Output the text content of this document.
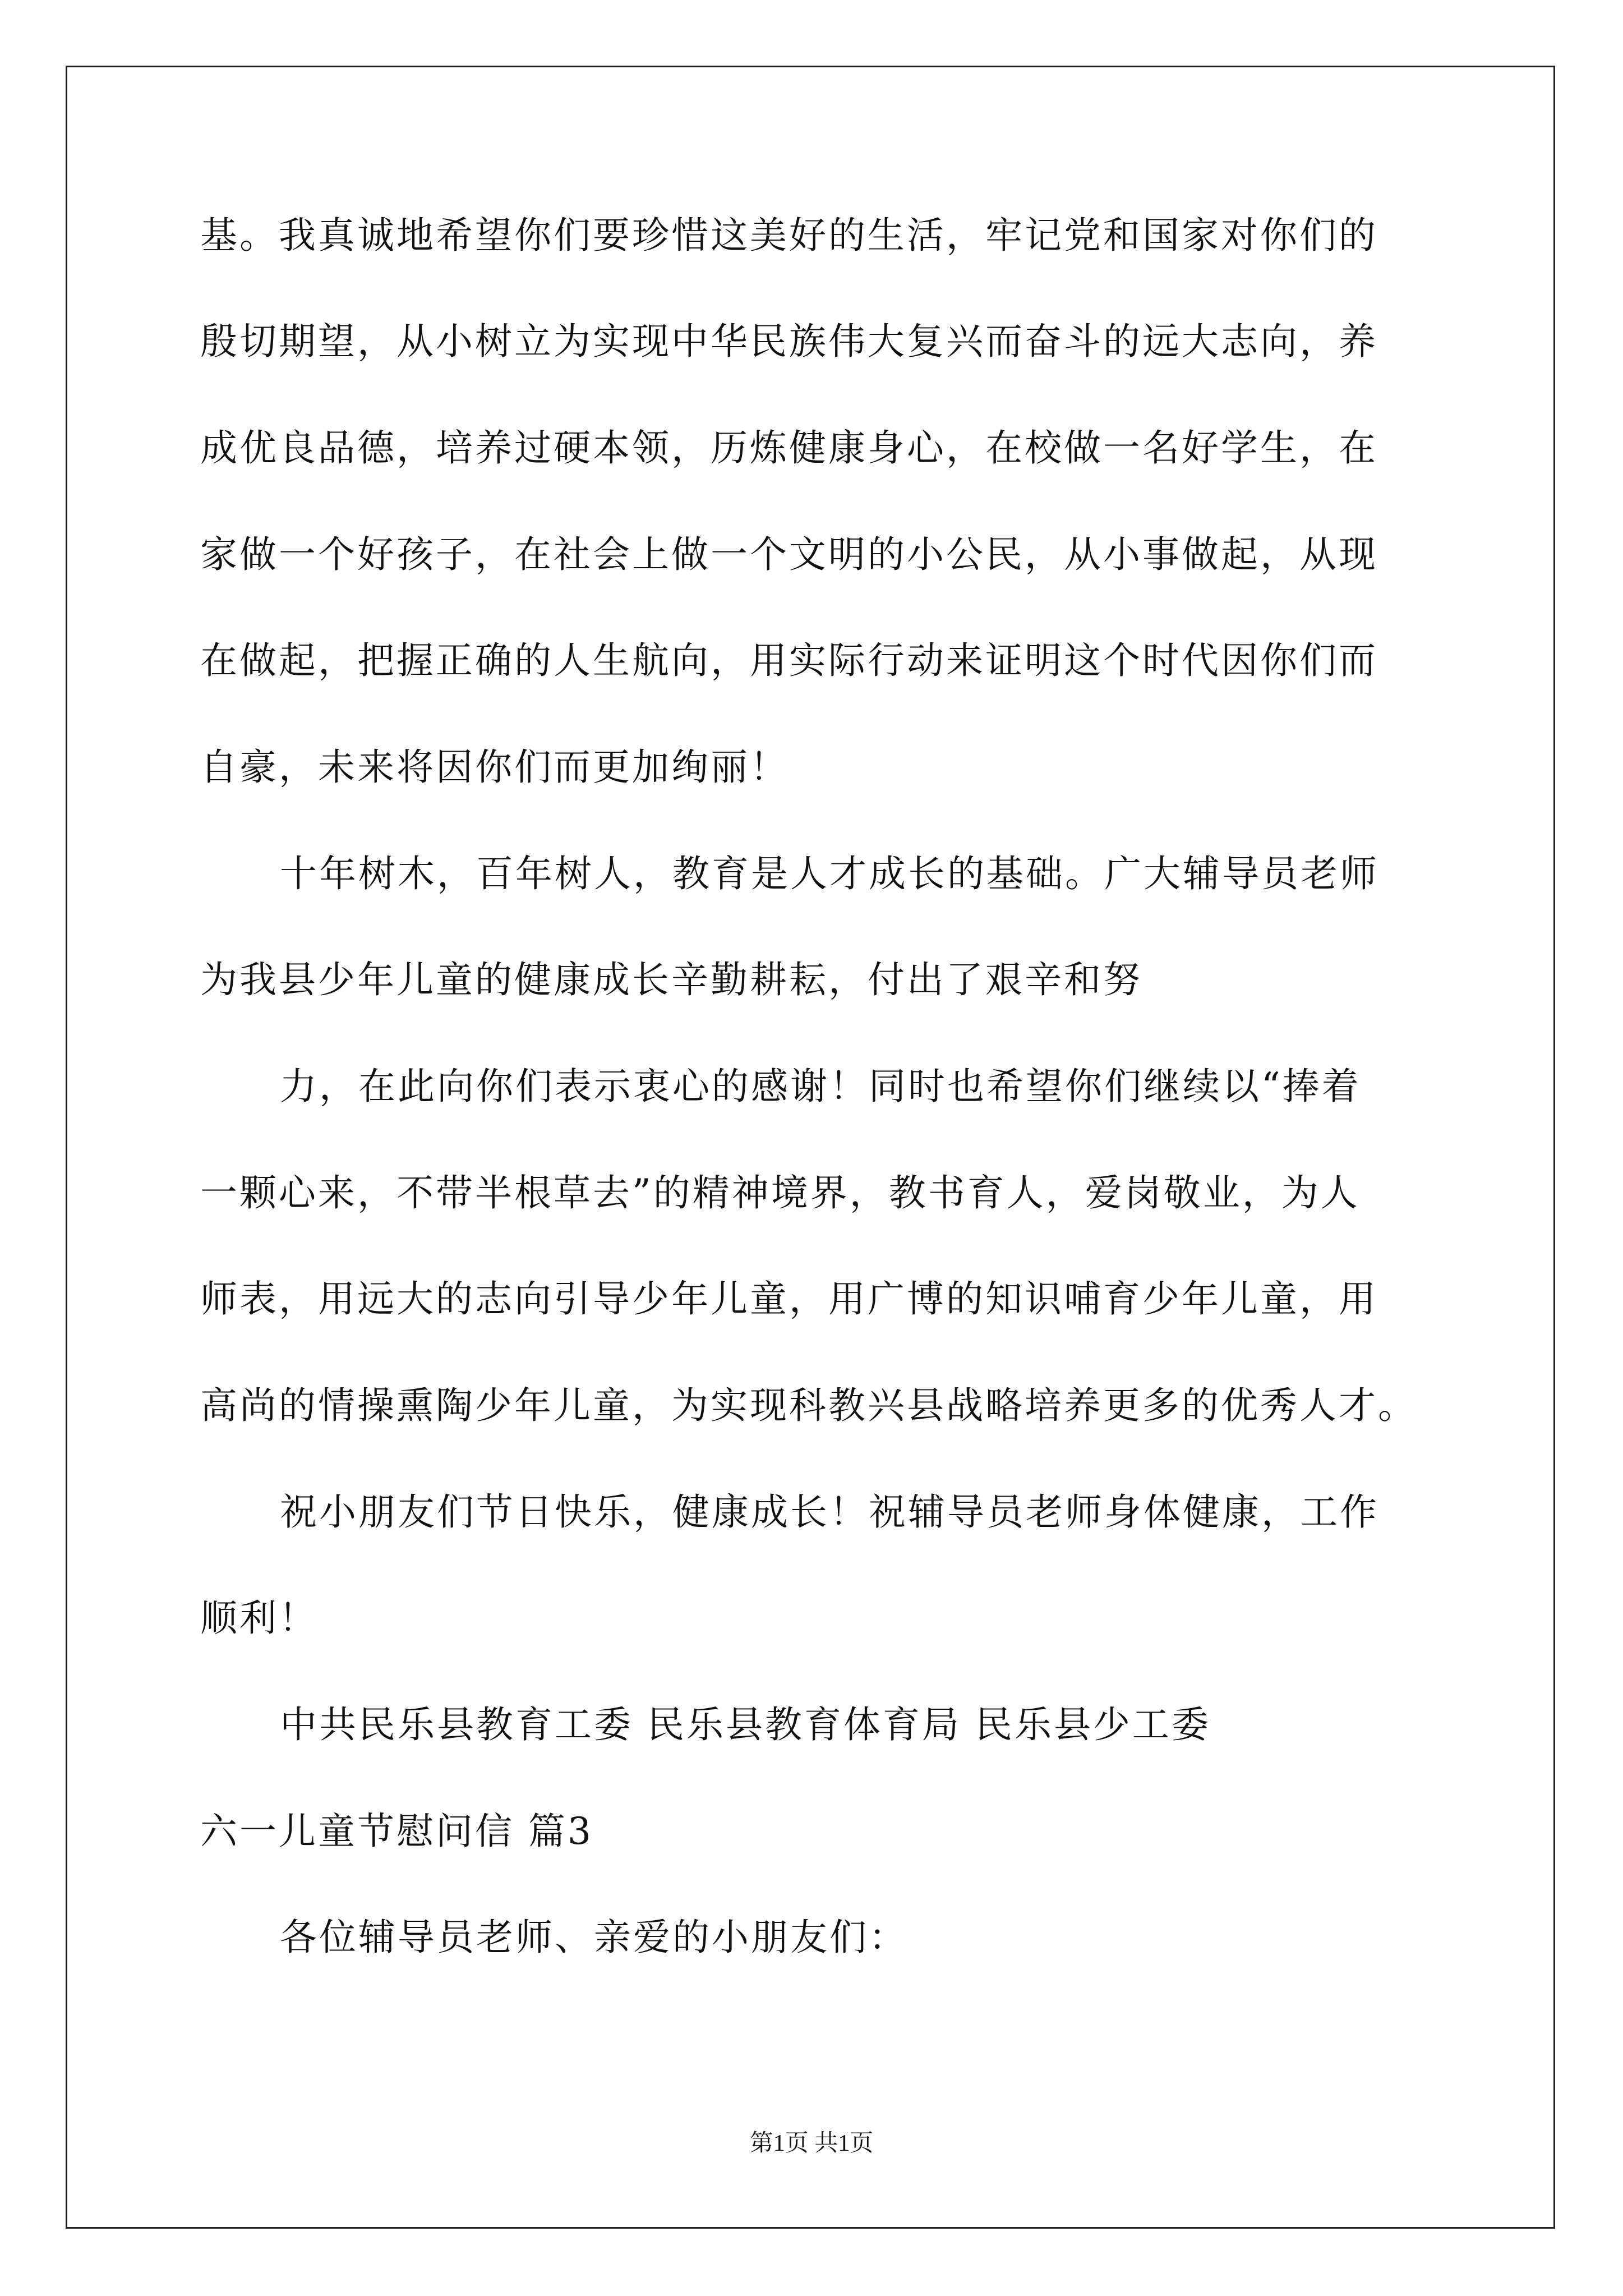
基。我真诚地希望你们要珍惜这美好的生活，牢记党和国家对你们的
殷切期望，从小树立为实现中华民族伟大复兴而奋斗的远大志向，养
成优良品德，培养过硬本领，历炼健康身心，在校做一名好学生，在
家做一个好孩子，在社会上做一个文明的小公民，从小事做起，从现
在做起，把握正确的人生航向，用实际行动来证明这个时代因你们而
自豪，未来将因你们而更加绚丽！
十年树木，百年树人，教育是人才成长的基础。广大辅导员老师
为我县少年儿童的健康成长辛勤耕耘，付出了艰辛和努
力，在此向你们表示衷心的感谢！同时也希望你们继续以“捧着
一颗心来，不带半根草去”的精神境界，教书育人，爱岗敬业，为人
师表，用远大的志向引导少年儿童，用广博的知识哺育少年儿童，用
高尚的情操熏陶少年儿童，为实现科教兴县战略培养更多的优秀人才。
祝小朋友们节日快乐，健康成长！祝辅导员老师身体健康，工作
顺利！
中共民乐县教育工委 民乐县教育体育局 民乐县少工委
六一儿童节慰问信 篇3
各位辅导员老师、亲爱的小朋友们：
第1页 共1页
